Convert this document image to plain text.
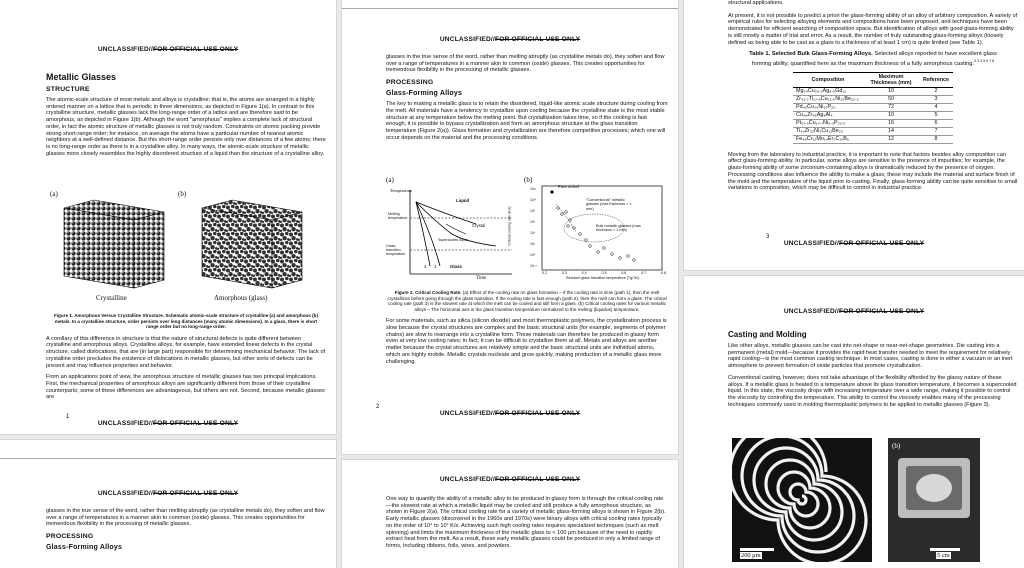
UNCLASSIFIED//FOR OFFICIAL USE ONLY
Metallic Glasses
STRUCTURE
The atomic-scale structure of most metals and alloys is crystalline; that is, the atoms are arranged in a highly ordered manner on a lattice that is periodic in three dimensions, as depicted in Figure 1(a). In contrast to this crystalline structure, metallic glasses lack the long-range order of a lattice and are therefore said to be amorphous, as depicted in Figure 1(b). Although the word "amorphous" implies a complete lack of structural order, in fact the atomic structure of metallic glasses is not truly random. Constraints on atomic packing provide strong short-range order; for instance, on average the atoms have a particular number of nearest atomic neighbors at a well-defined distance. But this short-range order persists only over distances of a few atoms; there is no long-range order as there is in a crystalline alloy. In many ways, the atomic-scale structure of metallic glasses more closely resembles the highly disordered structure of a liquid than the structure of a crystalline alloy.
(a)	(b)
Crystalline	Amorphous (glass)
Figure 1. Amorphous Versus Crystalline Structure. Schematic atomic-scale structure of crystalline (a) and amorphous (b) metals. In a crystalline structure, order persists over long distances (many atomic dimensions). In a glass, there is short range order but no long-range order.
A corollary of this difference in structure is that the nature of structural defects is quite different between crystalline and amorphous alloys. Crystalline alloys, for example, have extended linear defects in the crystal structure, called dislocations, that are (in large part) responsible for determining mechanical behavior. The lack of crystalline order precludes the existence of dislocations in metallic glasses, but other sorts of defects can be present and may influence properties and behavior.
From an applications point of view, the amorphous structure of metallic glasses has two principal implications. First, the mechanical properties of amorphous alloys are significantly different from those of their crystalline counterparts; some of these differences are advantageous, but others are not. Second, because metallic glasses are
1
UNCLASSIFIED//FOR OFFICIAL USE ONLY
UNCLASSIFIED//FOR OFFICIAL USE ONLY
glasses in the true sense of the word, rather than melting abruptly (as crystalline metals do), they soften and flow over a range of temperatures in a manner akin to common (oxide) glasses. This creates opportunities for tremendous flexibility in the processing of metallic glasses.
PROCESSING
Glass-Forming Alloys
The key to making a metallic glass is to retain the disordered, liquid-like atomic scale structure during cooling from the melt. All materials have a tendency to crystallize upon cooling because the crystalline state is the most stable structure at any temperature below the melting point. But crystallization takes time, so if the cooling is fast enough, it is possible to bypass crystallization and form an amorphous structure at the glass transition temperature (Figure 2(a)). Glass formation and crystallization are therefore competitive processes; which one will occur depends on the material and the processing conditions.
(a)	(b)
Temperature
Liquid
Crystal
Melting temperature
Glass-transition temperature
Supercooled liquid
Glass
1
2
Time
Pure nickel
"Conventional" metallic glasses (max thickness < 1 mm)
Bulk metallic glasses (max thickness > 1 mm)
10¹²
10¹⁰
10⁸
10⁶
10⁴
10²
10⁰
10⁻²
0.2	0.3	0.4	0.5	0.6	0.7	0.8
Critical cooling rate (K/s)
Reduced glass transition temperature (Tg/Tm)
Figure 2. Critical Cooling Rate. (a) Effect of the cooling rate on glass formation – if the cooling rate is slow (path 1), then the melt crystallizes before going through the glass transition. If the cooling rate is fast enough (path 2), then the melt can form a glass. The critical cooling rate (path 3) is the slowest rate at which the melt can be cooled and still form a glass. (b) Critical cooling rates for various metallic alloys – The horizontal axis is the glass transition temperature normalized to the melting (liquidus) temperature.
For some materials, such as silica (silicon dioxide) and most thermoplastic polymers, the crystallization process is slow because the crystal structures are complex and the basic structural units (for example, segments of polymer chains) are slow to rearrange into a crystalline form. These materials can therefore be produced in glassy form even at very low cooling rates; in fact, it can be difficult to crystallize them at all. Metals and alloys are another matter because the crystal structures are relatively simple and the basic structural units are individual atoms, which are highly mobile. Metallic crystals nucleate and grow quickly, making production of a metallic glass more challenging.
2
UNCLASSIFIED//FOR OFFICIAL USE ONLY
structural applications.
At present, it is not possible to predict a priori the glass-forming ability of an alloy of arbitrary composition. A variety of empirical rules for selecting alloying elements and compositions have been proposed, and techniques have been demonstrated for efficient searching of composition space. But identification of alloys with good glass-forming ability is still mostly a matter of trial and error. As a result, the number of truly outstanding glass-forming alloys (loosely defined as being able to be cast as a glass to a thickness of at least 1 cm) is quite limited (see Table 1).
Table 1. Selected Bulk Glass-Forming Alloys. Selected alloys reported to have excellent glass forming ability, quantified here as the maximum thickness of a fully amorphous casting.$^{2 3 4 5 6 7 8}$
Composition	Maximum Thickness (mm)	Reference
Mg₅₄Cu₂₆.₅Ag₈.₅Gd₁₁	10	2
Zr₄₁.₂Ti₁₃.₈Cu₁₂.₅Ni₁₀Be₂₂.₅	50	3
Pd₄₀Cu₃₀Ni₁₀P₂₀	72	4
Cu₄₆Zr₄₆Ag₄Al₄	10	5
Pt₅₇.₅Cu₁₄.₇Ni₅.₃P₂₂.₅	16	6
Ti₄₀Zr₂₅Ni₃Cu₁₂Be₂₀	14	7
Fe₄₈Cr₁₅Mo₁₄Er₂C₁₅B₆	12	8
Moving from the laboratory to industrial practice, it is important to note that factors besides alloy composition can affect glass-forming ability. In particular, some alloys are sensitive to the presence of impurities; for example, the glass-forming ability of some zirconium-containing alloys is dramatically reduced by the presence of oxygen. Processing conditions also influence the ability to make a glass; these may include the material and surface finish of the mold and the temperature of the liquid prior to casting. Finally, glass-forming ability can be quite sensitive to small variations in composition, which may be difficult to control in industrial practice.
3
UNCLASSIFIED//FOR OFFICIAL USE ONLY
UNCLASSIFIED//FOR OFFICIAL USE ONLY
Casting and Molding
Like other alloys, metallic glasses can be cast into net-shape or near-net-shape geometries. Die casting into a permanent (metal) mold—because it provides the rapid heat transfer needed to meet the requirement for relatively rapid cooling—is the most common casting technique. In most cases, casting is done in either a vacuum or an inert atmosphere to prevent formation of oxide particles that promote crystallization.
Conventional casting, however, does not take advantage of the flexibility afforded by the glassy nature of these alloys. If a metallic glass is heated to a temperature above its glass transition temperature, it becomes a supercooled liquid. In this state, the viscosity drops with increasing temperature over a wide range, making it possible to control the viscosity by controlling the temperature. This ability to control the viscosity enables many of the processing techniques commonly used in molding thermoplastic polymers to be applied to metallic glasses (Figure 3).
200 μm
(b)
5 cm
UNCLASSIFIED//FOR OFFICIAL USE ONLY
glasses in the true sense of the word, rather than melting abruptly (as crystalline metals do), they soften and flow over a range of temperatures in a manner akin to common (oxide) glasses. This creates opportunities for tremendous flexibility in the processing of metallic glasses.
PROCESSING
Glass-Forming Alloys
UNCLASSIFIED//FOR OFFICIAL USE ONLY
One way to quantify the ability of a metallic alloy to be produced in glassy form is through the critical cooling rate—the slowest rate at which a metallic liquid may be cooled and still produce a fully amorphous structure, as shown in Figure 2(a). The critical cooling rate for a variety of metallic glass-forming alloys is shown in Figure 2(b). Early metallic glasses (discovered in the 1960s and 1970s) were binary alloys with critical cooling rates typically on the order of 10⁴ to 10⁷ K/s. Achieving such high cooling rates requires specialized techniques (such as melt spinning) and limits the maximum thickness of the metallic glass to < 100 μm because of the need to rapidly extract heat from the melt. As a result, these early metallic glasses could be produced in only a limited range of forms, including ribbons, foils, wires, and powders.
